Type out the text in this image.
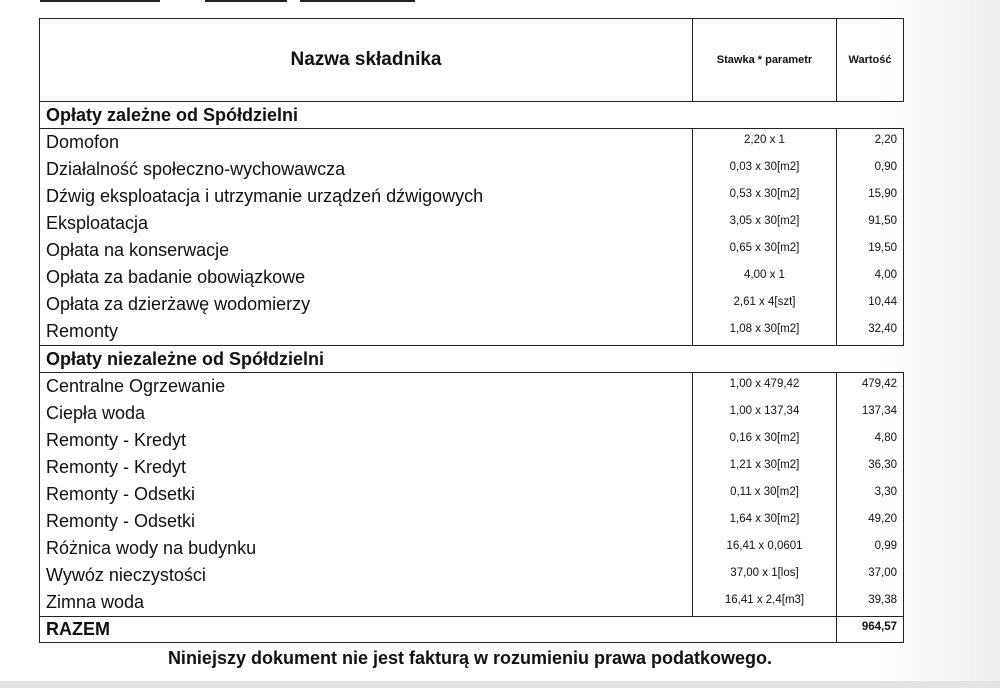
Nazwa składnika	Stawka * parametr	Wartość
Opłaty zależne od Spółdzielni		
Domofon	2,20 x 1	2,20
Działalność społeczno-wychowawcza	0,03 x 30[m2]	0,90
Dźwig eksploatacja i utrzymanie urządzeń dźwigowych	0,53 x 30[m2]	15,90
Eksploatacja	3,05 x 30[m2]	91,50
Opłata na konserwacje	0,65 x 30[m2]	19,50
Opłata za badanie obowiązkowe	4,00 x 1	4,00
Opłata za dzierżawę wodomierzy	2,61 x 4[szt]	10,44
Remonty	1,08 x 30[m2]	32,40
Opłaty niezależne od Spółdzielni		
Centralne Ogrzewanie	1,00 x 479,42	479,42
Ciepła woda	1,00 x 137,34	137,34
Remonty - Kredyt	0,16 x 30[m2]	4,80
Remonty - Kredyt	1,21 x 30[m2]	36,30
Remonty - Odsetki	0,11 x 30[m2]	3,30
Remonty - Odsetki	1,64 x 30[m2]	49,20
Różnica wody na budynku	16,41 x 0,0601	0,99
Wywóz nieczystości	37,00 x 1[los]	37,00
Zimna woda	16,41 x 2,4[m3]	39,38
RAZEM		964,57
Niniejszy dokument nie jest fakturą w rozumieniu prawa podatkowego.
